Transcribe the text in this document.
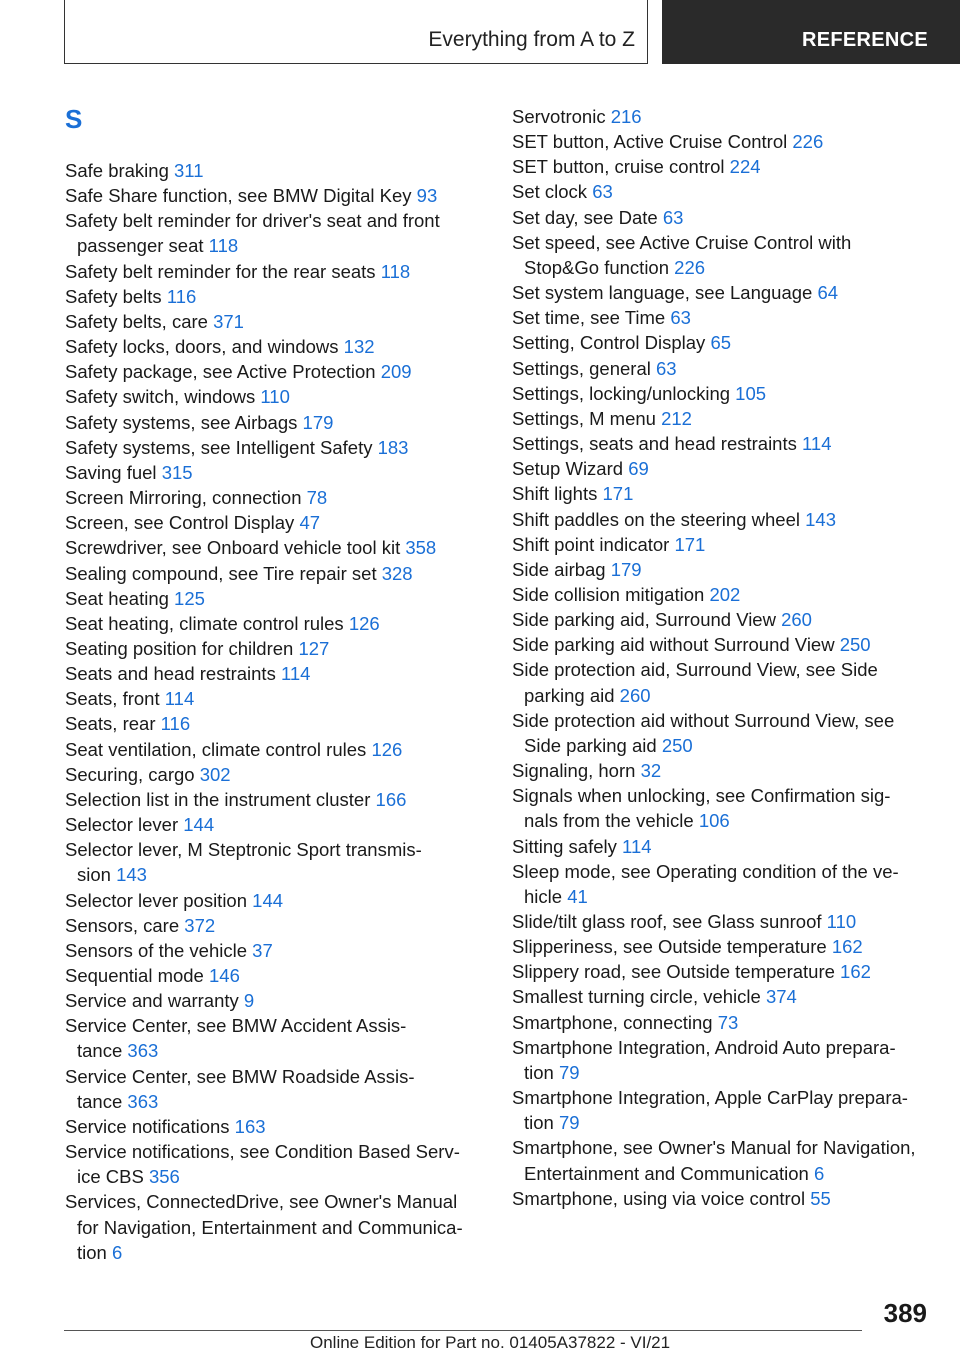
Everything from A to Z	REFERENCE
S
Safe braking 311
Safe Share function, see BMW Digital Key 93
Safety belt reminder for driver's seat and front
passenger seat 118
Safety belt reminder for the rear seats 118
Safety belts 116
Safety belts, care 371
Safety locks, doors, and windows 132
Safety package, see Active Protection 209
Safety switch, windows 110
Safety systems, see Airbags 179
Safety systems, see Intelligent Safety 183
Saving fuel 315
Screen Mirroring, connection 78
Screen, see Control Display 47
Screwdriver, see Onboard vehicle tool kit 358
Sealing compound, see Tire repair set 328
Seat heating 125
Seat heating, climate control rules 126
Seating position for children 127
Seats and head restraints 114
Seats, front 114
Seats, rear 116
Seat ventilation, climate control rules 126
Securing, cargo 302
Selection list in the instrument cluster 166
Selector lever 144
Selector lever, M Steptronic Sport transmis-
sion 143
Selector lever position 144
Sensors, care 372
Sensors of the vehicle 37
Sequential mode 146
Service and warranty 9
Service Center, see BMW Accident Assis-
tance 363
Service Center, see BMW Roadside Assis-
tance 363
Service notifications 163
Service notifications, see Condition Based Serv-
ice CBS 356
Services, ConnectedDrive, see Owner's Manual
for Navigation, Entertainment and Communica-
tion 6
Servotronic 216
SET button, Active Cruise Control 226
SET button, cruise control 224
Set clock 63
Set day, see Date 63
Set speed, see Active Cruise Control with
Stop&Go function 226
Set system language, see Language 64
Set time, see Time 63
Setting, Control Display 65
Settings, general 63
Settings, locking/unlocking 105
Settings, M menu 212
Settings, seats and head restraints 114
Setup Wizard 69
Shift lights 171
Shift paddles on the steering wheel 143
Shift point indicator 171
Side airbag 179
Side collision mitigation 202
Side parking aid, Surround View 260
Side parking aid without Surround View 250
Side protection aid, Surround View, see Side
parking aid 260
Side protection aid without Surround View, see
Side parking aid 250
Signaling, horn 32
Signals when unlocking, see Confirmation sig-
nals from the vehicle 106
Sitting safely 114
Sleep mode, see Operating condition of the ve-
hicle 41
Slide/tilt glass roof, see Glass sunroof 110
Slipperiness, see Outside temperature 162
Slippery road, see Outside temperature 162
Smallest turning circle, vehicle 374
Smartphone, connecting 73
Smartphone Integration, Android Auto prepara-
tion 79
Smartphone Integration, Apple CarPlay prepara-
tion 79
Smartphone, see Owner's Manual for Navigation,
Entertainment and Communication 6
Smartphone, using via voice control 55
389
Online Edition for Part no. 01405A37822 - VI/21
